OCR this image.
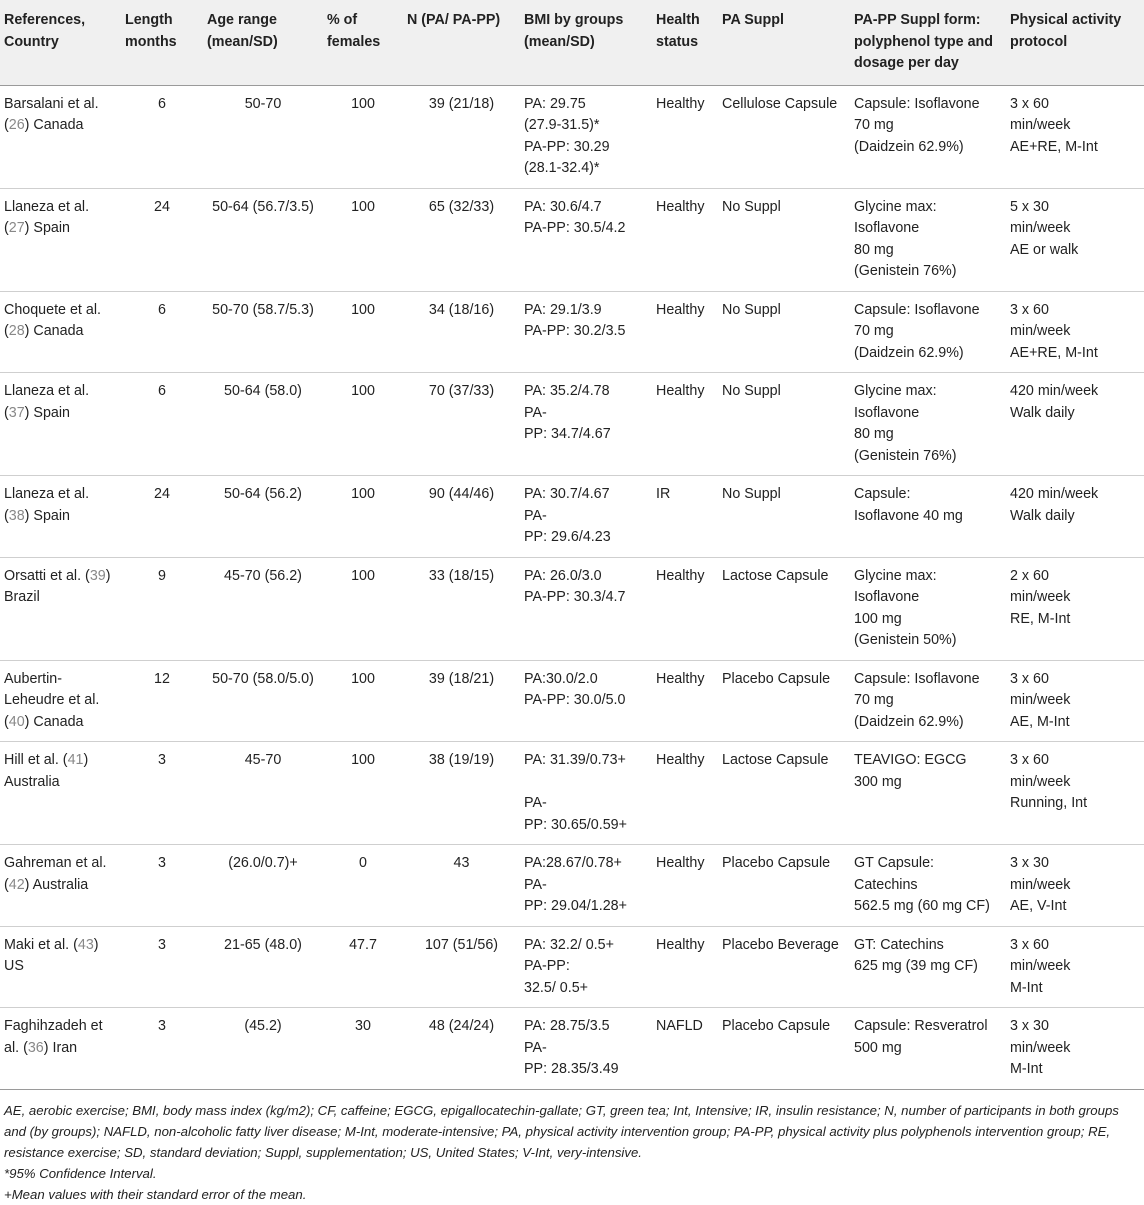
References, Country	Length months	Age range (mean/SD)	% of females	N (PA/ PA-PP)	BMI by groups (mean/SD)	Health status	PA Suppl	PA-PP Suppl form: polyphenol type and dosage per day	Physical activity protocol
Barsalani et al. (26) Canada	6	50-70	100	39 (21/18)	PA: 29.75
(27.9-31.5)*
PA-PP: 30.29
(28.1-32.4)*	Healthy	Cellulose Capsule	Capsule: Isoflavone
70 mg
(Daidzein 62.9%)	3 x 60
min/week
AE+RE, M-Int
Llaneza et al. (27) Spain	24	50-64 (56.7/3.5)	100	65 (32/33)	PA: 30.6/4.7
PA-PP: 30.5/4.2	Healthy	No Suppl	Glycine max:
Isoflavone
80 mg
(Genistein 76%)	5 x 30
min/week
AE or walk
Choquete et al. (28) Canada	6	50-70 (58.7/5.3)	100	34 (18/16)	PA: 29.1/3.9
PA-PP: 30.2/3.5	Healthy	No Suppl	Capsule: Isoflavone
70 mg
(Daidzein 62.9%)	3 x 60
min/week
AE+RE, M-Int
Llaneza et al. (37) Spain	6	50-64 (58.0)	100	70 (37/33)	PA: 35.2/4.78
PA-
PP: 34.7/4.67	Healthy	No Suppl	Glycine max:
Isoflavone
80 mg
(Genistein 76%)	420 min/week
Walk daily
Llaneza et al. (38) Spain	24	50-64 (56.2)	100	90 (44/46)	PA: 30.7/4.67
PA-
PP: 29.6/4.23	IR	No Suppl	Capsule:
Isoflavone 40 mg	420 min/week
Walk daily
Orsatti et al. (39) Brazil	9	45-70 (56.2)	100	33 (18/15)	PA: 26.0/3.0
PA-PP: 30.3/4.7	Healthy	Lactose Capsule	Glycine max:
Isoflavone
100 mg
(Genistein 50%)	2 x 60
min/week
RE, M-Int
Aubertin-Leheudre et al. (40) Canada	12	50-70 (58.0/5.0)	100	39 (18/21)	PA:30.0/2.0
PA-PP: 30.0/5.0	Healthy	Placebo Capsule	Capsule: Isoflavone
70 mg
(Daidzein 62.9%)	3 x 60
min/week
AE, M-Int
Hill et al. (41) Australia	3	45-70	100	38 (19/19)	PA: 31.39/0.73+

PA-
PP: 30.65/0.59+	Healthy	Lactose Capsule	TEAVIGO: EGCG
300 mg	3 x 60
min/week
Running, Int
Gahreman et al. (42) Australia	3	(26.0/0.7)+	0	43	PA:28.67/0.78+
PA-
PP: 29.04/1.28+	Healthy	Placebo Capsule	GT Capsule:
Catechins
562.5 mg (60 mg CF)	3 x 30
min/week
AE, V-Int
Maki et al. (43) US	3	21-65 (48.0)	47.7	107 (51/56)	PA: 32.2/ 0.5+
PA-PP:
32.5/ 0.5+	Healthy	Placebo Beverage	GT: Catechins
625 mg (39 mg CF)	3 x 60
min/week
M-Int
Faghihzadeh et al. (36) Iran	3	(45.2)	30	48 (24/24)	PA: 28.75/3.5
PA-
PP: 28.35/3.49	NAFLD	Placebo Capsule	Capsule: Resveratrol
500 mg	3 x 30
min/week
M-Int
AE, aerobic exercise; BMI, body mass index (kg/m2); CF, caffeine; EGCG, epigallocatechin-gallate; GT, green tea; Int, Intensive; IR, insulin resistance; N, number of participants in both groups and (by groups); NAFLD, non-alcoholic fatty liver disease; M-Int, moderate-intensive; PA, physical activity intervention group; PA-PP, physical activity plus polyphenols intervention group; RE, resistance exercise; SD, standard deviation; Suppl, supplementation; US, United States; V-Int, very-intensive.
*95% Confidence Interval.
+Mean values with their standard error of the mean.
